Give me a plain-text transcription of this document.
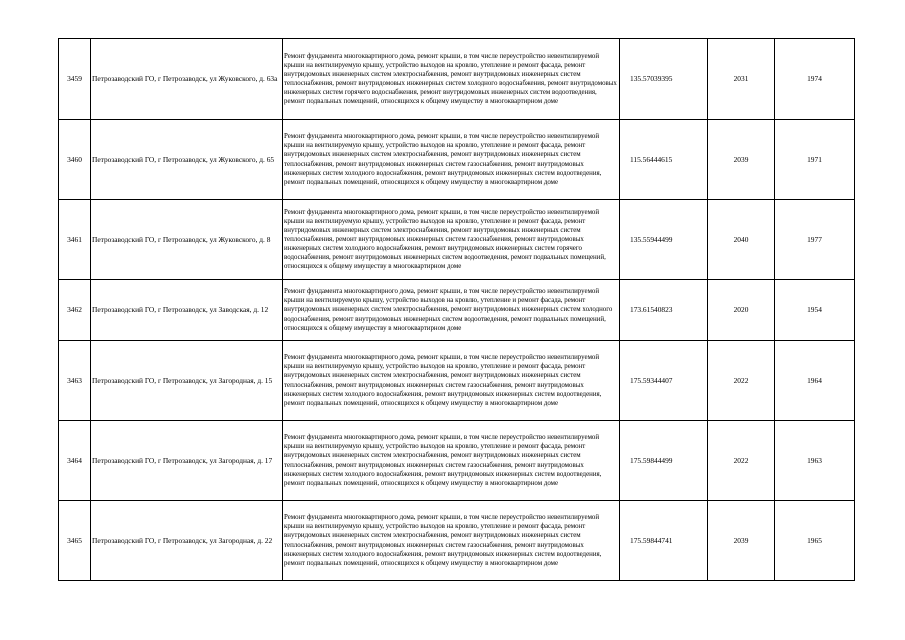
3459	Петрозаводский ГО, г Петрозаводск, ул Жуковского, д. 63а	Ремонт фундамента многоквартирного дома, ремонт крыши, в том числе переустройство невентилируемой крыши на вентилируемую крышу, устройство выходов на кровлю, утепление и ремонт фасада, ремонт внутридомовых инженерных систем электроснабжения, ремонт внутридомовых инженерных систем теплоснабжения, ремонт внутридомовых инженерных систем холодного водоснабжения, ремонт внутридомовых инженерных систем горячего водоснабжения, ремонт внутридомовых инженерных систем водоотведения, ремонт подвальных помещений, относящихся к общему имуществу в многоквартирном доме	135.57039395	2031	1974
3460	Петрозаводский ГО, г Петрозаводск, ул Жуковского, д. 65	Ремонт фундамента многоквартирного дома, ремонт крыши, в том числе переустройство невентилируемой крыши на вентилируемую крышу, устройство выходов на кровлю, утепление и ремонт фасада, ремонт внутридомовых инженерных систем электроснабжения, ремонт внутридомовых инженерных систем теплоснабжения, ремонт внутридомовых инженерных систем газоснабжения, ремонт внутридомовых инженерных систем холодного водоснабжения, ремонт внутридомовых инженерных систем водоотведения, ремонт подвальных помещений, относящихся к общему имуществу в многоквартирном доме	115.56444615	2039	1971
3461	Петрозаводский ГО, г Петрозаводск, ул Жуковского, д. 8	Ремонт фундамента многоквартирного дома, ремонт крыши, в том числе переустройство невентилируемой крыши на вентилируемую крышу, устройство выходов на кровлю, утепление и ремонт фасада, ремонт внутридомовых инженерных систем электроснабжения, ремонт внутридомовых инженерных систем теплоснабжения, ремонт внутридомовых инженерных систем газоснабжения, ремонт внутридомовых инженерных систем холодного водоснабжения, ремонт внутридомовых инженерных систем горячего водоснабжения, ремонт внутридомовых инженерных систем водоотведения, ремонт подвальных помещений, относящихся к общему имуществу в многоквартирном доме	135.55944499	2040	1977
3462	Петрозаводский ГО, г Петрозаводск, ул Заводская, д. 12	Ремонт фундамента многоквартирного дома, ремонт крыши, в том числе переустройство невентилируемой крыши на вентилируемую крышу, устройство выходов на кровлю, утепление и ремонт фасада, ремонт внутридомовых инженерных систем электроснабжения, ремонт внутридомовых инженерных систем холодного водоснабжения, ремонт внутридомовых инженерных систем водоотведения, ремонт подвальных помещений, относящихся к общему имуществу в многоквартирном доме	173.61540823	2020	1954
3463	Петрозаводский ГО, г Петрозаводск, ул Загородная, д. 15	Ремонт фундамента многоквартирного дома, ремонт крыши, в том числе переустройство невентилируемой крыши на вентилируемую крышу, устройство выходов на кровлю, утепление и ремонт фасада, ремонт внутридомовых инженерных систем электроснабжения, ремонт внутридомовых инженерных систем теплоснабжения, ремонт внутридомовых инженерных систем газоснабжения, ремонт внутридомовых инженерных систем холодного водоснабжения, ремонт внутридомовых инженерных систем водоотведения, ремонт подвальных помещений, относящихся к общему имуществу в многоквартирном доме	175.59344407	2022	1964
3464	Петрозаводский ГО, г Петрозаводск, ул Загородная, д. 17	Ремонт фундамента многоквартирного дома, ремонт крыши, в том числе переустройство невентилируемой крыши на вентилируемую крышу, устройство выходов на кровлю, утепление и ремонт фасада, ремонт внутридомовых инженерных систем электроснабжения, ремонт внутридомовых инженерных систем теплоснабжения, ремонт внутридомовых инженерных систем газоснабжения, ремонт внутридомовых инженерных систем холодного водоснабжения, ремонт внутридомовых инженерных систем водоотведения, ремонт подвальных помещений, относящихся к общему имуществу в многоквартирном доме	175.59844499	2022	1963
3465	Петрозаводский ГО, г Петрозаводск, ул Загородная, д. 22	Ремонт фундамента многоквартирного дома, ремонт крыши, в том числе переустройство невентилируемой крыши на вентилируемую крышу, устройство выходов на кровлю, утепление и ремонт фасада, ремонт внутридомовых инженерных систем электроснабжения, ремонт внутридомовых инженерных систем теплоснабжения, ремонт внутридомовых инженерных систем газоснабжения, ремонт внутридомовых инженерных систем холодного водоснабжения, ремонт внутридомовых инженерных систем водоотведения, ремонт подвальных помещений, относящихся к общему имуществу в многоквартирном доме	175.59844741	2039	1965
